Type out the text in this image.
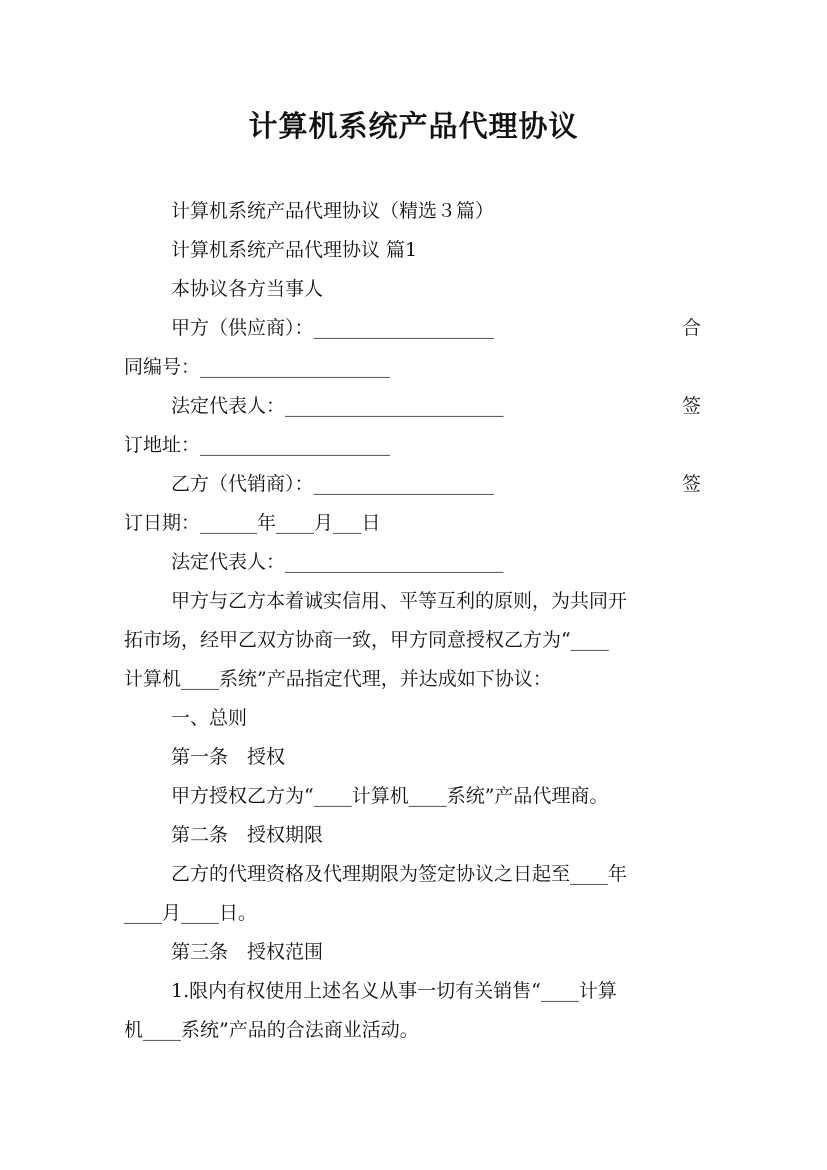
计算机系统产品代理协议
计算机系统产品代理协议（精选３篇）
计算机系统产品代理协议 篇1
本协议各方当事人
甲方（供应商）：___________________	合
同编号：____________________
法定代表人：_______________________	签
订地址：____________________
乙方（代销商）：___________________	签
订日期：______年____月___日
法定代表人：_______________________
甲方与乙方本着诚实信用、平等互利的原则，为共同开
拓市场，经甲乙双方协商一致，甲方同意授权乙方为“____
计算机____系统”产品指定代理，并达成如下协议：
一、总则
第一条　授权
甲方授权乙方为“____计算机____系统”产品代理商。
第二条　授权期限
乙方的代理资格及代理期限为签定协议之日起至____年
____月____日。
第三条　授权范围
1.限内有权使用上述名义从事一切有关销售“____计算
机____系统”产品的合法商业活动。
